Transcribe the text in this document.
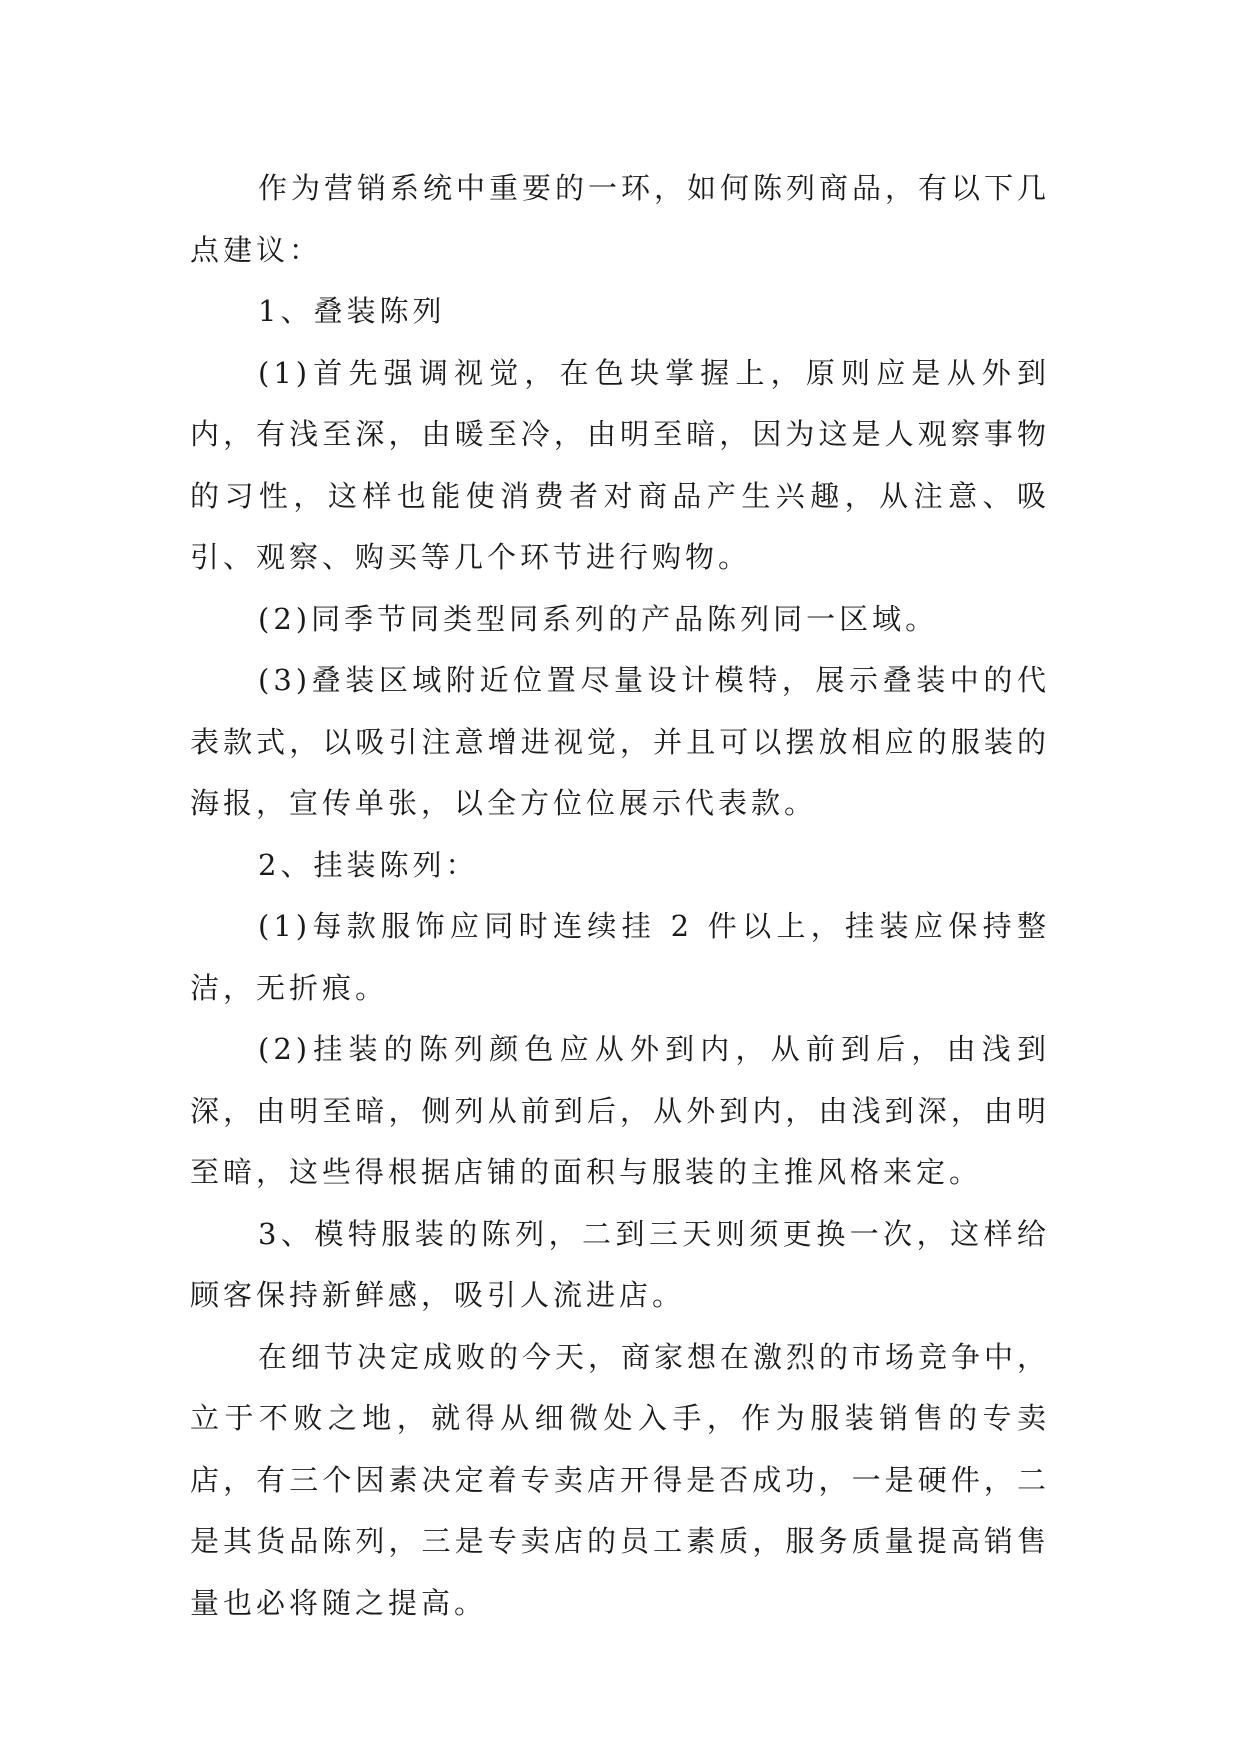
作为营销系统中重要的一环，如何陈列商品，有以下几点建议：

1、叠装陈列

(1)首先强调视觉，在色块掌握上，原则应是从外到内，有浅至深，由暖至冷，由明至暗，因为这是人观察事物的习性，这样也能使消费者对商品产生兴趣，从注意、吸引、观察、购买等几个环节进行购物。

(2)同季节同类型同系列的产品陈列同一区域。

(3)叠装区域附近位置尽量设计模特，展示叠装中的代表款式，以吸引注意增进视觉，并且可以摆放相应的服装的海报，宣传单张，以全方位位展示代表款。

2、挂装陈列：

(1)每款服饰应同时连续挂 2 件以上，挂装应保持整洁，无折痕。

(2)挂装的陈列颜色应从外到内，从前到后，由浅到深，由明至暗，侧列从前到后，从外到内，由浅到深，由明至暗，这些得根据店铺的面积与服装的主推风格来定。

3、模特服装的陈列，二到三天则须更换一次，这样给顾客保持新鲜感，吸引人流进店。

在细节决定成败的今天，商家想在激烈的市场竞争中，立于不败之地，就得从细微处入手，作为服装销售的专卖店，有三个因素决定着专卖店开得是否成功，一是硬件，二是其货品陈列，三是专卖店的员工素质，服务质量提高销售量也必将随之提高。
